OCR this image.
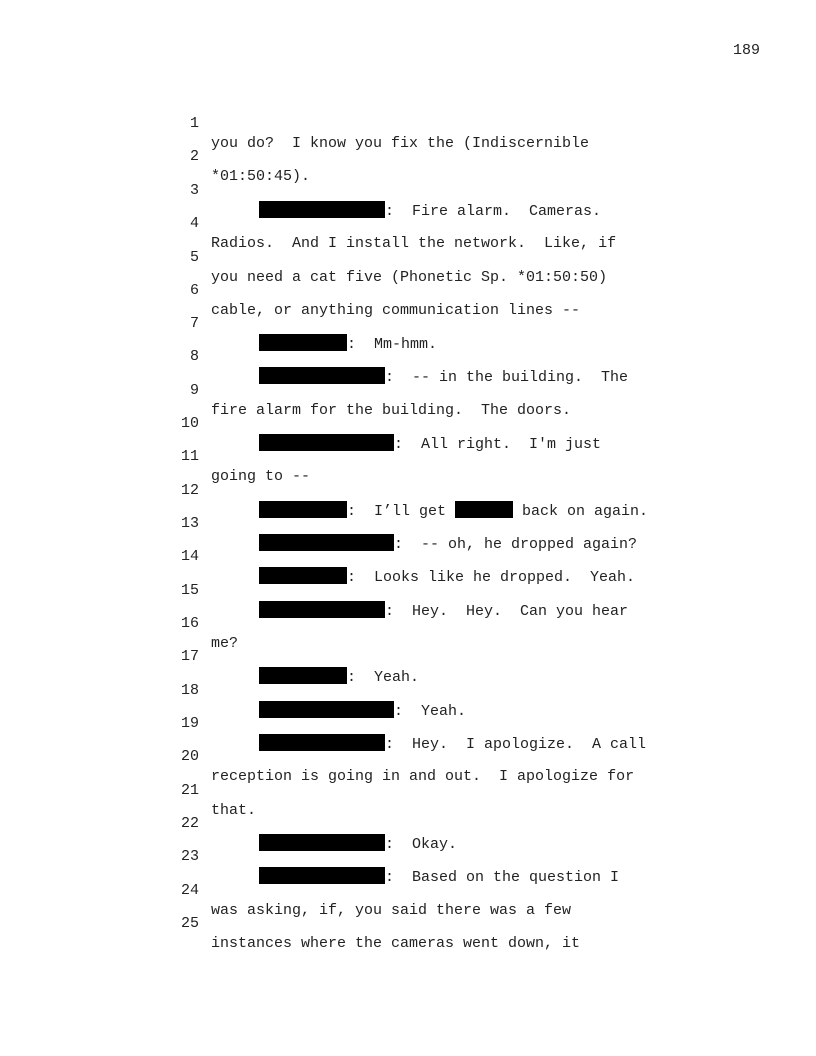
189

1

you do?  I know you fix the (Indiscernible

2

*01:50:45).

3

:  Fire alarm.  Cameras.

4

Radios.  And I install the network.  Like, if

5

you need a cat five (Phonetic Sp. *01:50:50)

6

cable, or anything communication lines --

7

:  Mm-hmm.

8

:  -- in the building.  The

9

fire alarm for the building.  The doors.

10

:  All right.  I'm just

11

going to --

12

:  I’ll get	back on again.

13

:  -- oh, he dropped again?

14

:  Looks like he dropped.  Yeah.

15

:  Hey.  Hey.  Can you hear

16

me?

17

:  Yeah.

18

:  Yeah.

19

:  Hey.  I apologize.  A call

20

reception is going in and out.  I apologize for

21

that.

22

:  Okay.

23

:  Based on the question I

24

was asking, if, you said there was a few

25

instances where the cameras went down, it
